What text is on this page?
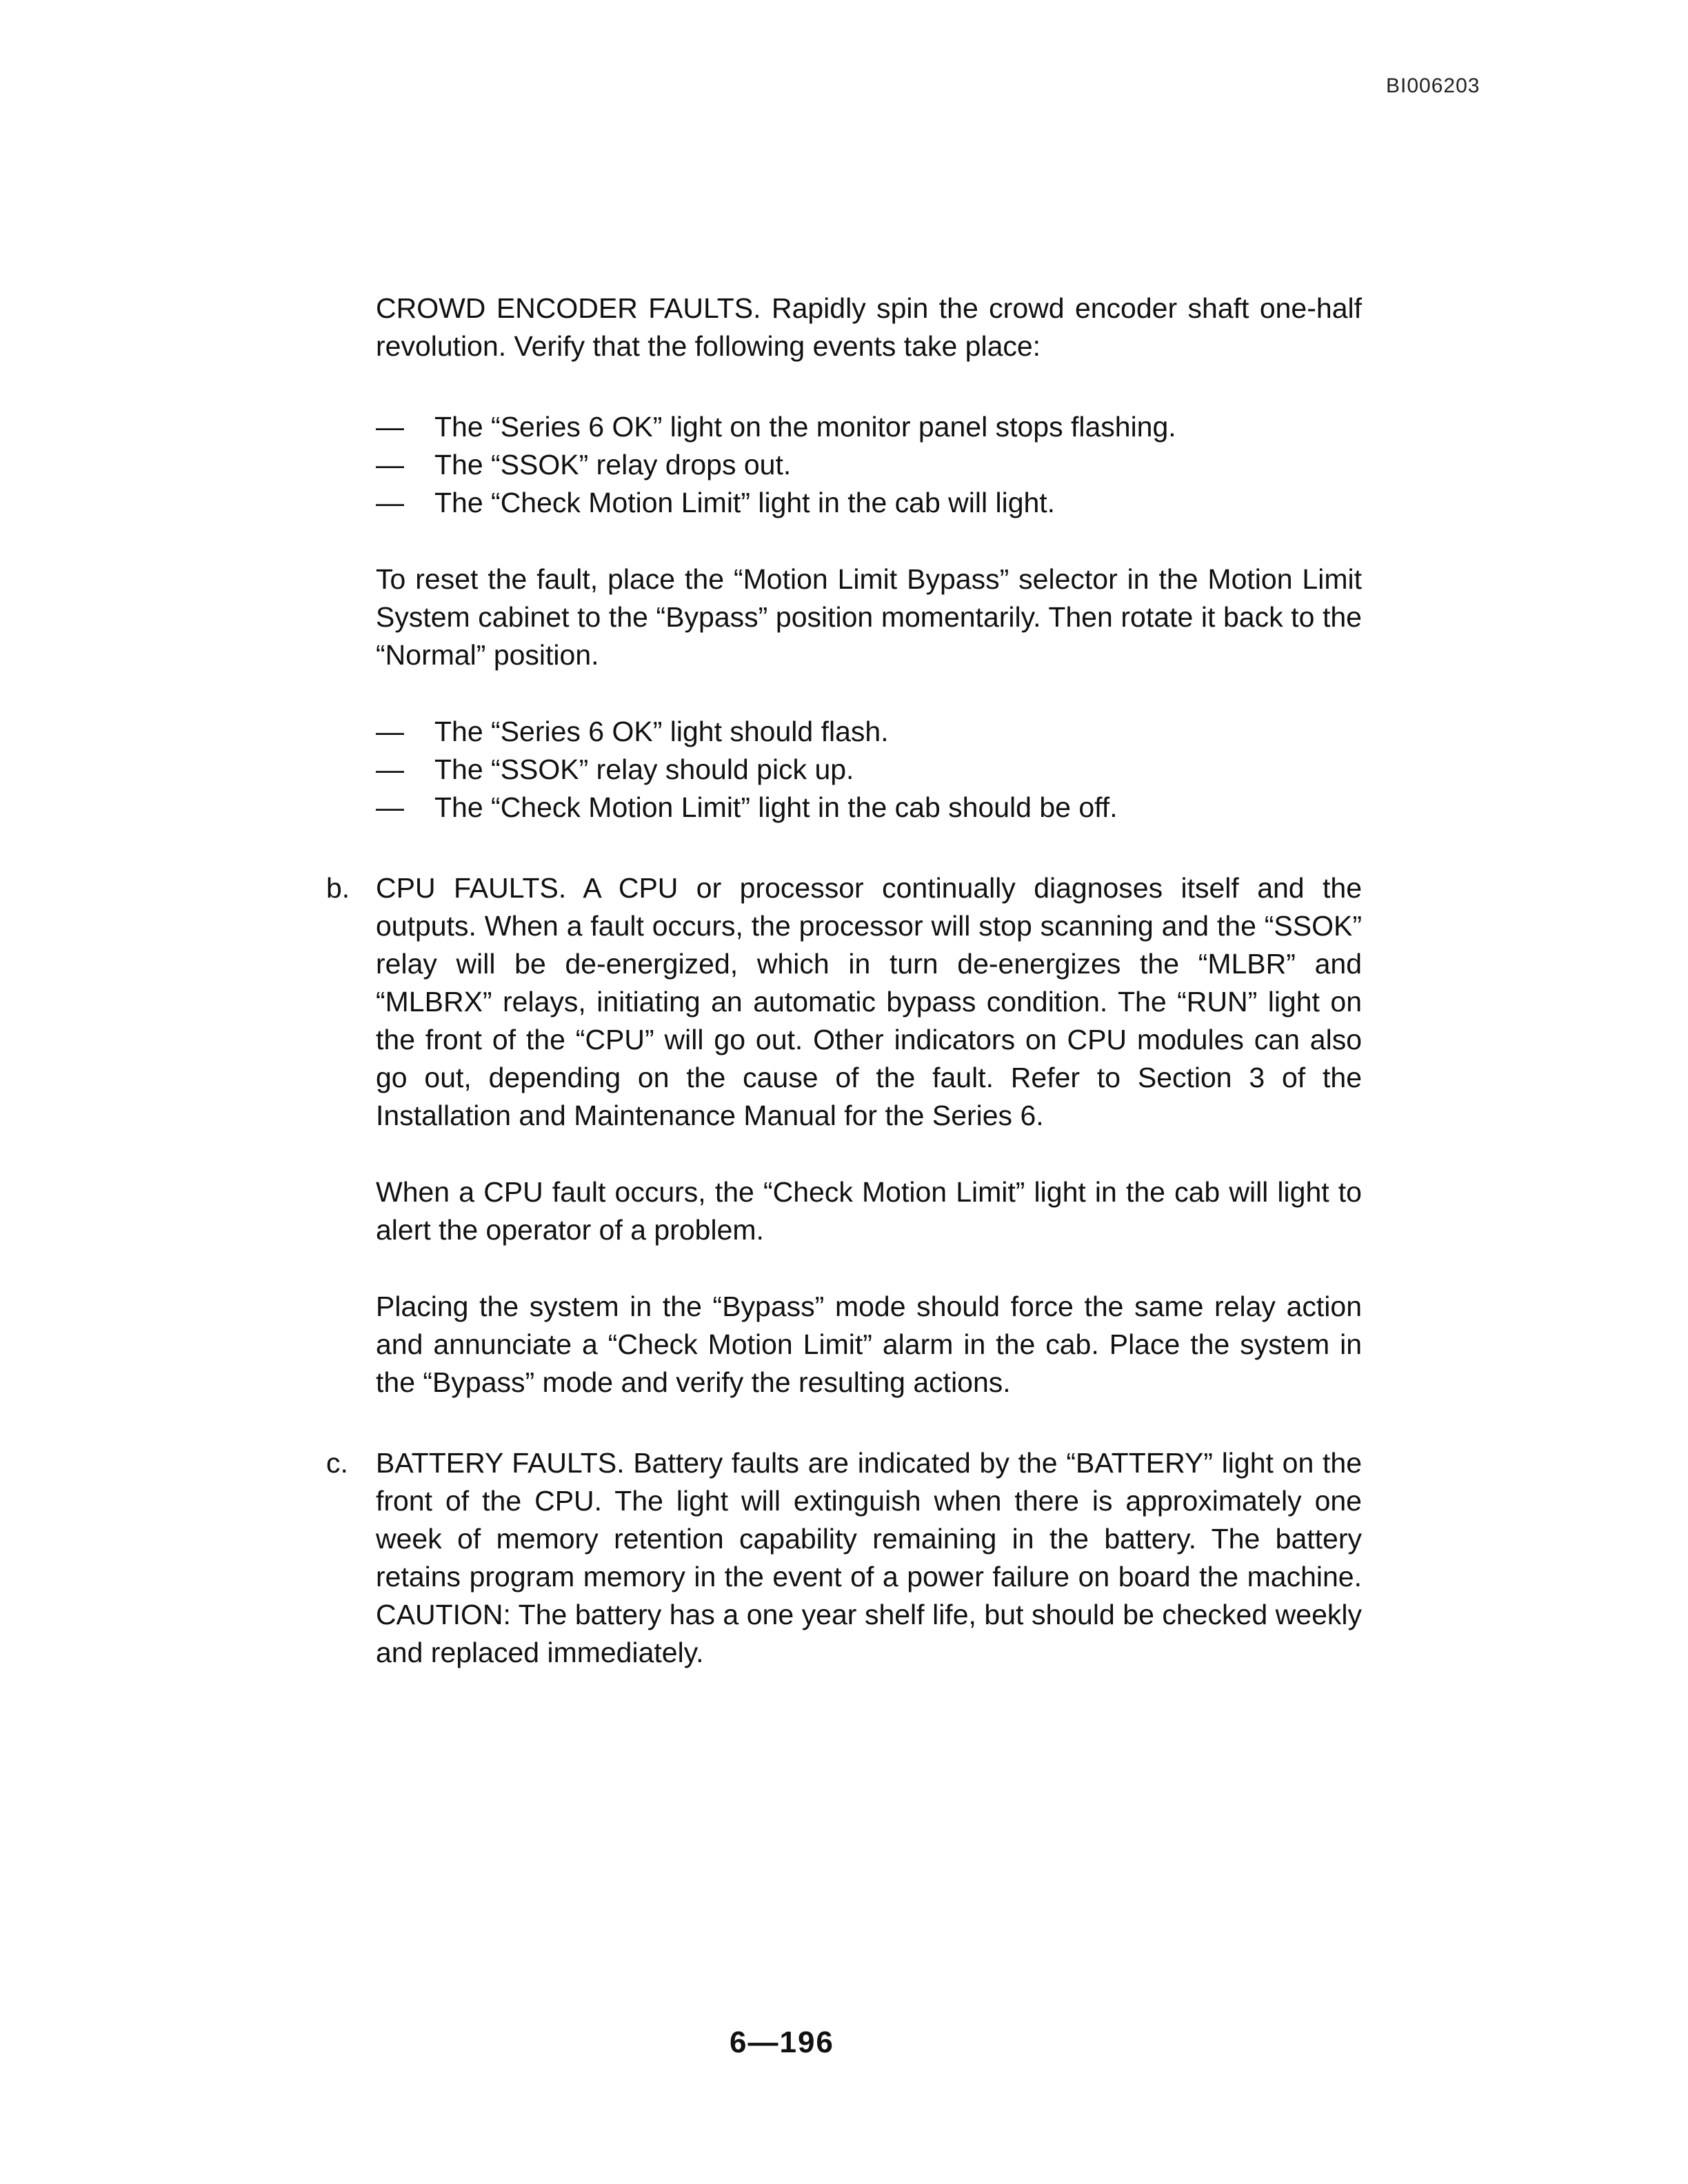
BI006203

CROWD ENCODER FAULTS. Rapidly spin the crowd encoder shaft one-half revolution. Verify that the following events take place:

— The “Series 6 OK” light on the monitor panel stops flashing.
— The “SSOK” relay drops out.
— The “Check Motion Limit” light in the cab will light.

To reset the fault, place the “Motion Limit Bypass” selector in the Motion Limit System cabinet to the “Bypass” position momentarily. Then rotate it back to the “Normal” position.

— The “Series 6 OK” light should flash.
— The “SSOK” relay should pick up.
— The “Check Motion Limit” light in the cab should be off.
b. CPU FAULTS. A CPU or processor continually diagnoses itself and the outputs. When a fault occurs, the processor will stop scanning and the “SSOK” relay will be de-energized, which in turn de-energizes the “MLBR” and “MLBRX” relays, initiating an automatic bypass condition. The “RUN” light on the front of the “CPU” will go out. Other indicators on CPU modules can also go out, depending on the cause of the fault. Refer to Section 3 of the Installation and Maintenance Manual for the Series 6.

When a CPU fault occurs, the “Check Motion Limit” light in the cab will light to alert the operator of a problem.

Placing the system in the “Bypass” mode should force the same relay action and annunciate a “Check Motion Limit” alarm in the cab. Place the system in the “Bypass” mode and verify the resulting actions.

c. BATTERY FAULTS. Battery faults are indicated by the “BATTERY” light on the front of the CPU. The light will extinguish when there is approximately one week of memory retention capability remaining in the battery. The battery retains program memory in the event of a power failure on board the machine. CAUTION: The battery has a one year shelf life, but should be checked weekly and replaced immediately.

6—196
